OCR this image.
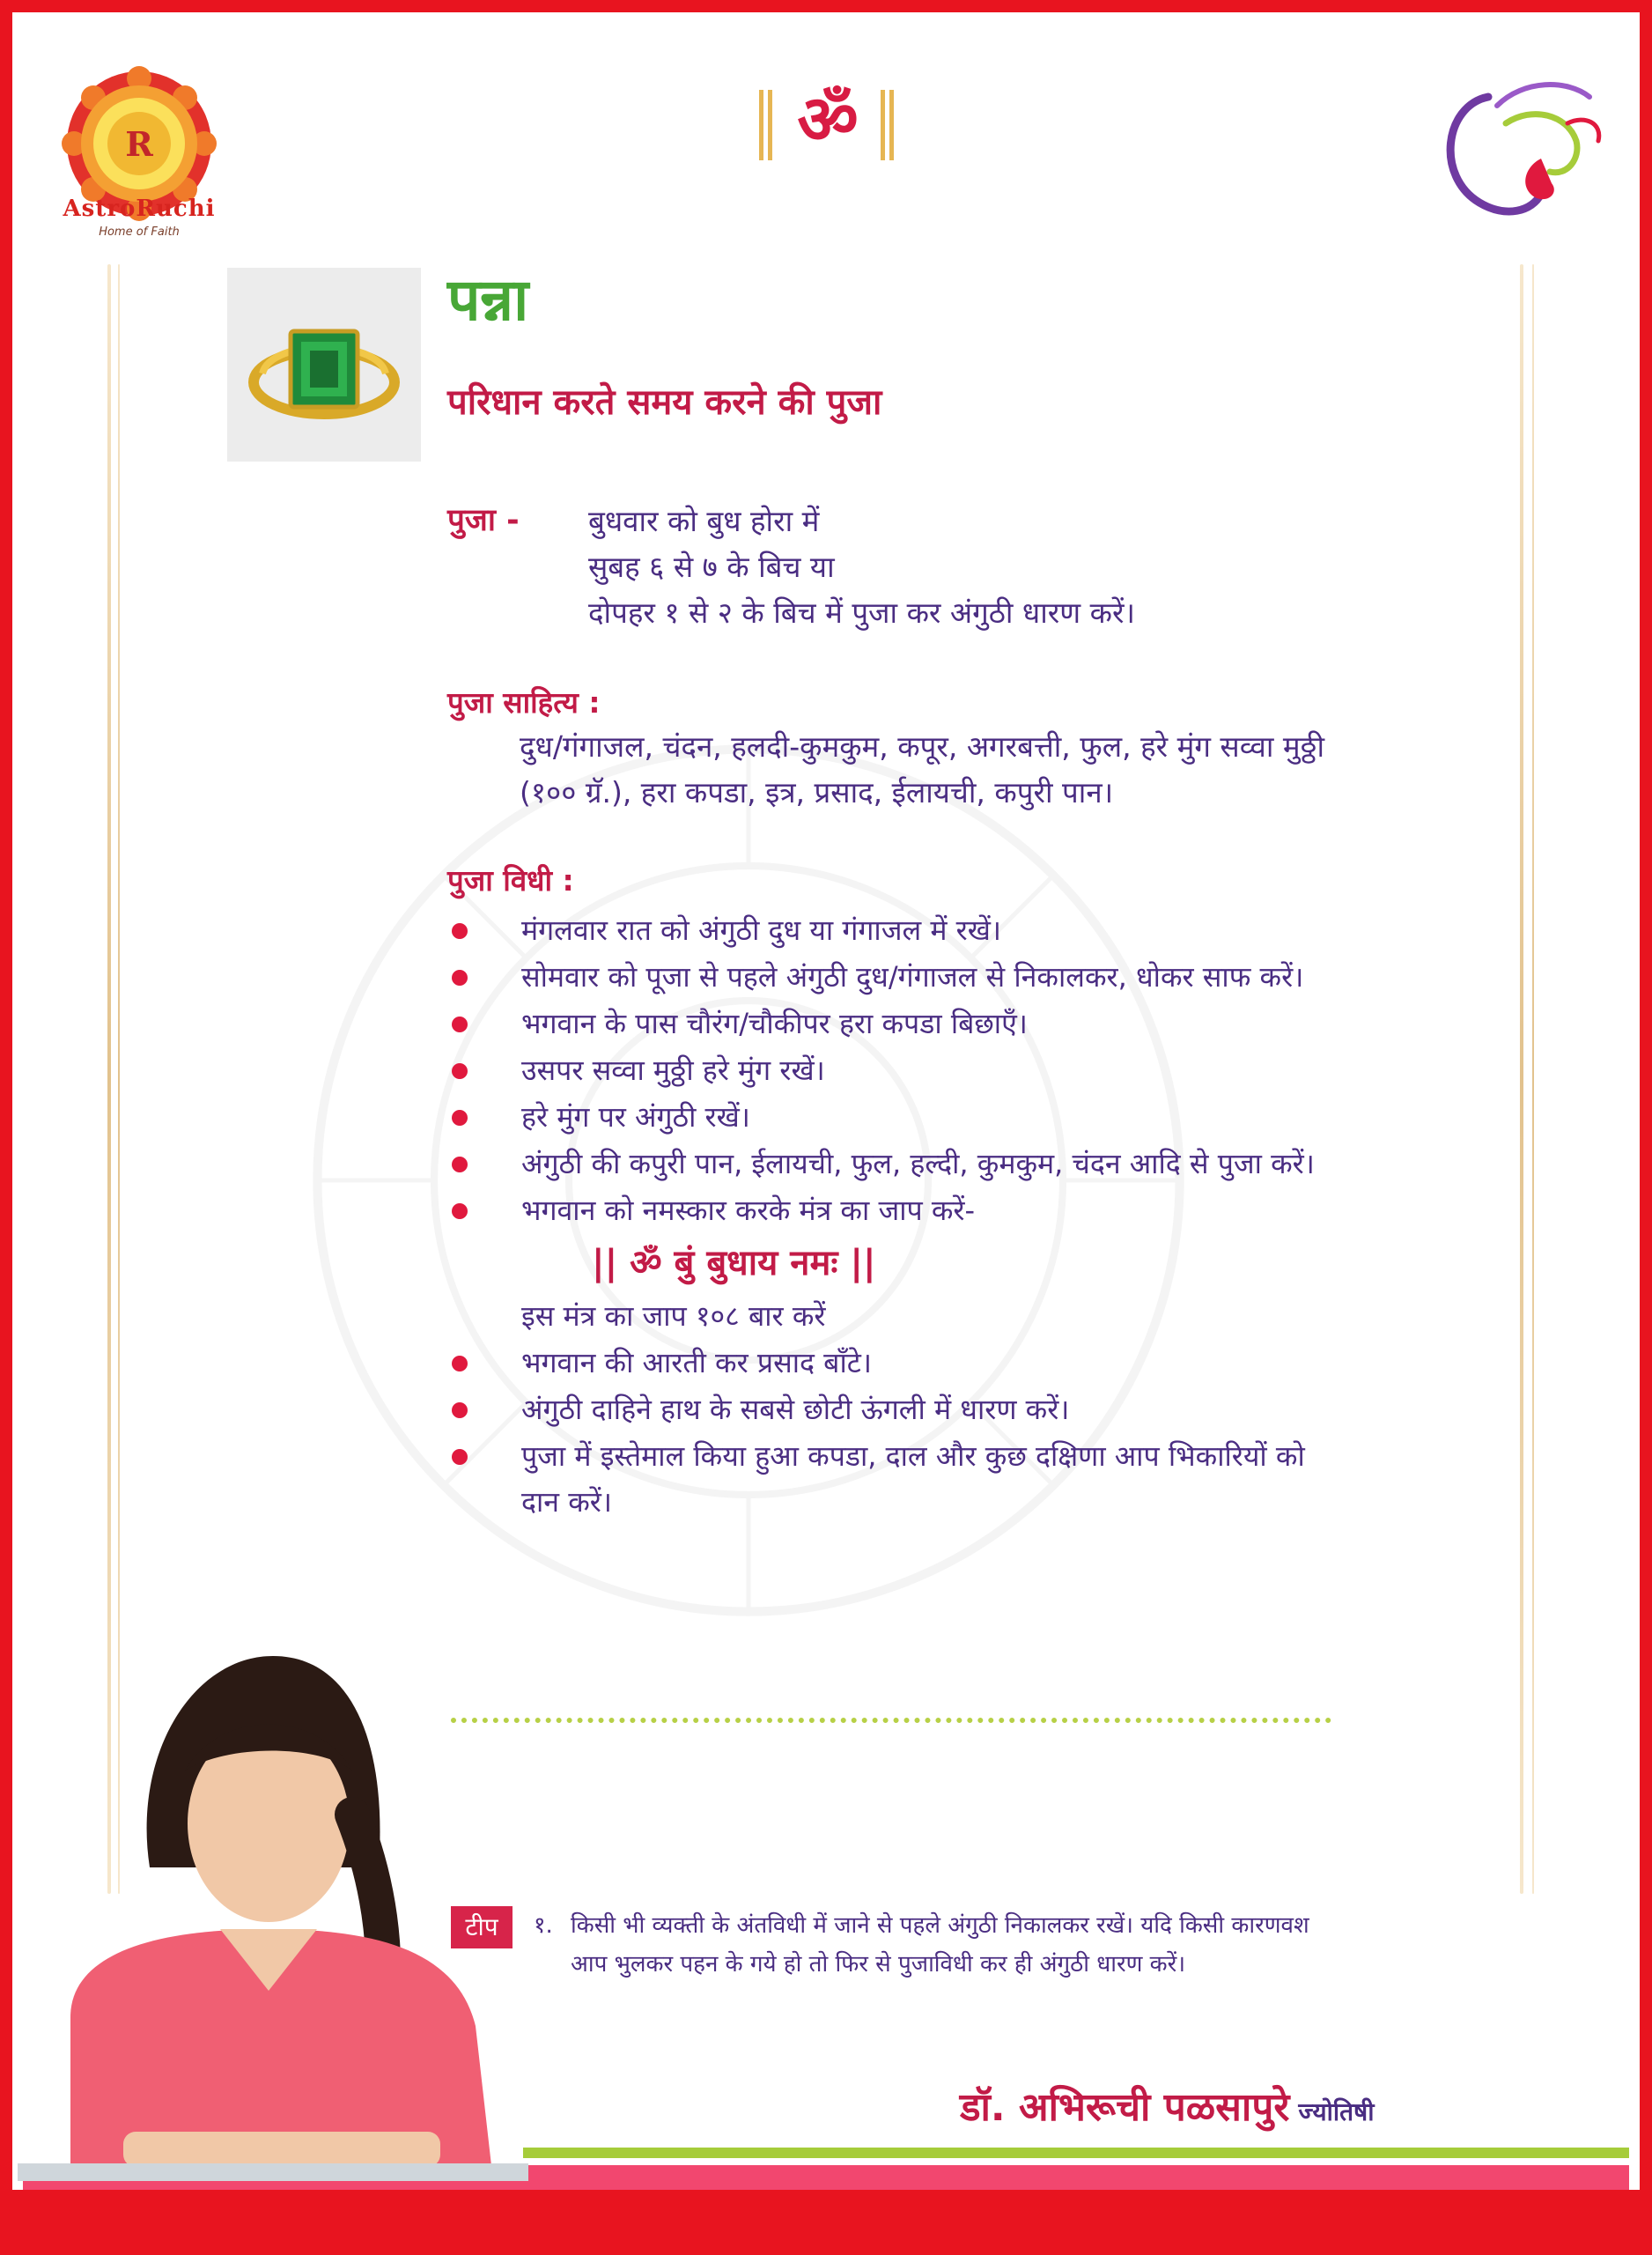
R
AstroRuchi
Home of Faith
ॐ
पन्ना
परिधान करते समय करने की पुजा
पुजा - बुधवार को बुध होरा में
सुबह ६ से ७ के बिच या
दोपहर १ से २ के बिच में पुजा कर अंगुठी धारण करें।
पुजा साहित्य :
दुध/गंगाजल, चंदन, हलदी-कुमकुम, कपूर, अगरबत्ती, फुल, हरे मुंग सव्वा मुठ्ठी (१०० ग्रॅ.), हरा कपडा, इत्र, प्रसाद, ईलायची, कपुरी पान।
पुजा विधी :
मंगलवार रात को अंगुठी दुध या गंगाजल में रखें।
सोमवार को पूजा से पहले अंगुठी दुध/गंगाजल से निकालकर, धोकर साफ करें।
भगवान के पास चौरंग/चौकीपर हरा कपडा बिछाएँ।
उसपर सव्वा मुठ्ठी हरे मुंग रखें।
हरे मुंग पर अंगुठी रखें।
अंगुठी की कपुरी पान, ईलायची, फुल, हल्दी, कुमकुम, चंदन आदि से पुजा करें।
भगवान को नमस्कार करके मंत्र का जाप करें-
|| ॐ बुं बुधाय नमः ||
इस मंत्र का जाप १०८ बार करें
भगवान की आरती कर प्रसाद बाँटे।
अंगुठी दाहिने हाथ के सबसे छोटी ऊंगली में धारण करें।
पुजा में इस्तेमाल किया हुआ कपडा, दाल और कुछ दक्षिणा आप भिकारियों को दान करें।
टीप	१. किसी भी व्यक्ती के अंतविधी में जाने से पहले अंगुठी निकालकर रखें। यदि किसी कारणवश आप भुलकर पहन के गये हो तो फिर से पुजाविधी कर ही अंगुठी धारण करें।
डॉ. अभिरूची पळसापुरे ज्योतिषी
